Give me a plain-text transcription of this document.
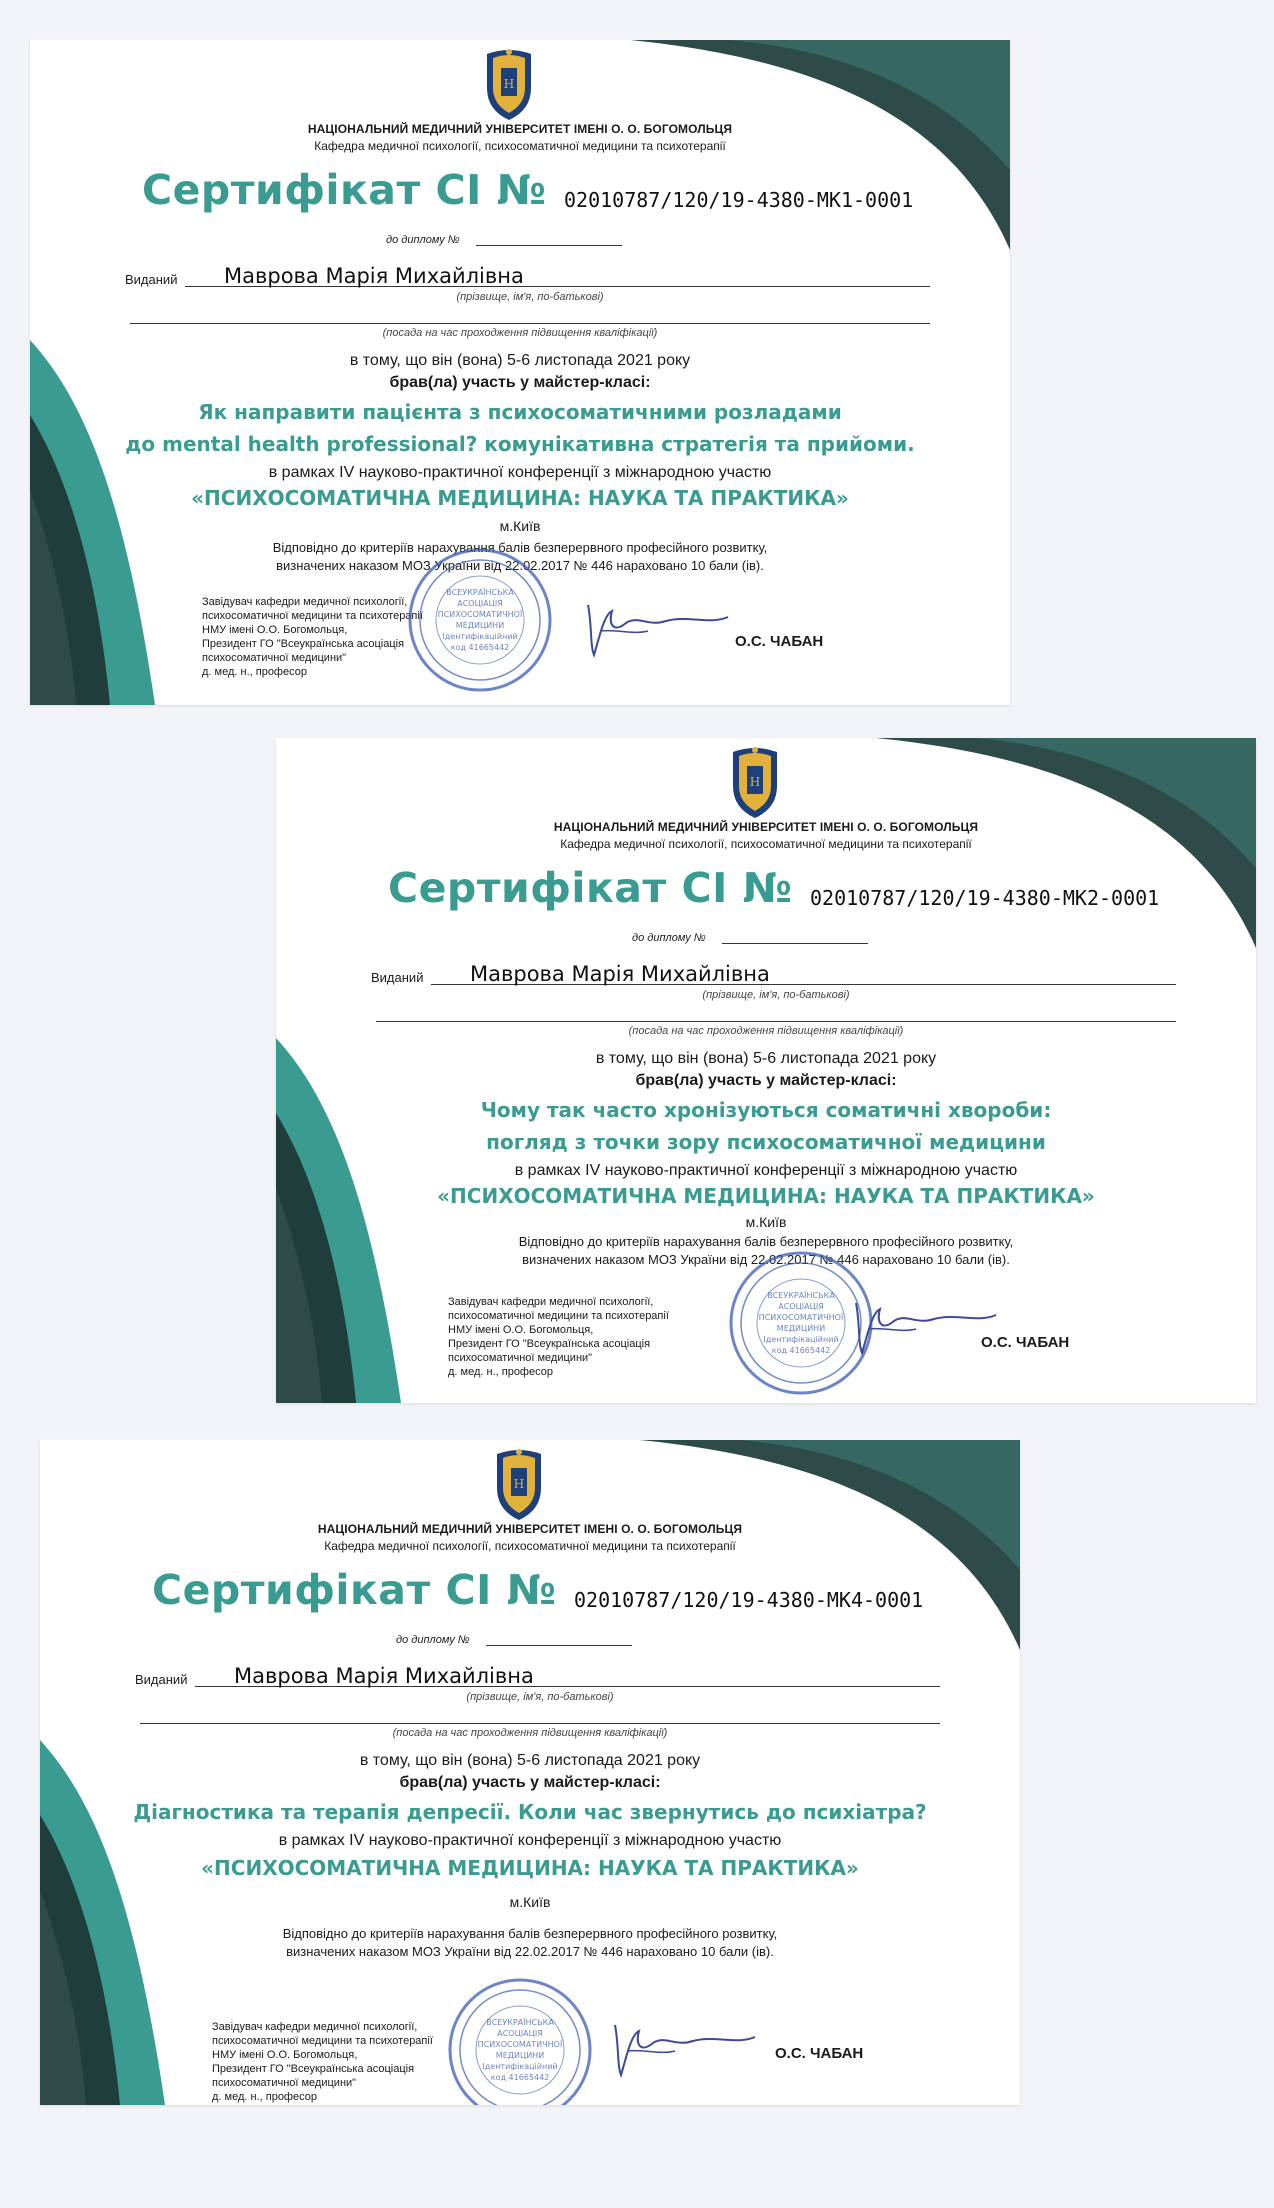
Н
НАЦІОНАЛЬНИЙ МЕДИЧНИЙ УНІВЕРСИТЕТ ІМЕНІ О. О. БОГОМОЛЬЦЯ
Кафедра медичної психології, психосоматичної медицини та психотерапії
Сертифікат СІ № 02010787/120/19-4380-МК1-0001
до диплому №
Виданий Маврова Марія Михайлівна
(прізвище, ім'я, по-батькові)
(посада на час проходження підвищення кваліфікації)
в тому, що він (вона) 5-6 листопада 2021 року
брав(ла) участь у майстер-класі:
Як направити пацієнта з психосоматичними розладами
до mental health professional? комунікативна стратегія та прийоми.
в рамках IV науково-практичної конференції з міжнародною участю
«ПСИХОСОМАТИЧНА МЕДИЦИНА: НАУКА ТА ПРАКТИКА»
м.Київ
Відповідно до критеріїв нарахування балів безперервного професійного розвитку,
визначених наказом МОЗ України від 22.02.2017 № 446 нараховано 10 бали (ів).
Завідувач кафедри медичної психології,
психосоматичної медицини та психотерапії
НМУ імені О.О. Богомольця,
Президент ГО "Всеукраїнська асоціація
психосоматичної медицини"
д. мед. н., професор
ВСЕУКРАЇНСЬКА
АСОЦІАЦІЯ
ПСИХОСОМАТИЧНОЇ
МЕДИЦИНИ
Ідентифікаційний
код 41665442	О.С. ЧАБАН
Н
НАЦІОНАЛЬНИЙ МЕДИЧНИЙ УНІВЕРСИТЕТ ІМЕНІ О. О. БОГОМОЛЬЦЯ
Кафедра медичної психології, психосоматичної медицини та психотерапії
Сертифікат СІ № 02010787/120/19-4380-МК2-0001
до диплому №
Виданий Маврова Марія Михайлівна
(прізвище, ім'я, по-батькові)
(посада на час проходження підвищення кваліфікації)
в тому, що він (вона) 5-6 листопада 2021 року
брав(ла) участь у майстер-класі:
Чому так часто хронізуються соматичні хвороби:
погляд з точки зору психосоматичної медицини
в рамках IV науково-практичної конференції з міжнародною участю
«ПСИХОСОМАТИЧНА МЕДИЦИНА: НАУКА ТА ПРАКТИКА»
м.Київ
Відповідно до критеріїв нарахування балів безперервного професійного розвитку,
визначених наказом МОЗ України від 22.02.2017 № 446 нараховано 10 бали (ів).
Завідувач кафедри медичної психології,
психосоматичної медицини та психотерапії
НМУ імені О.О. Богомольця,
Президент ГО "Всеукраїнська асоціація
психосоматичної медицини"
д. мед. н., професор
ВСЕУКРАЇНСЬКА
АСОЦІАЦІЯ
ПСИХОСОМАТИЧНОЇ
МЕДИЦИНИ
Ідентифікаційний
код 41665442	О.С. ЧАБАН
Н
НАЦІОНАЛЬНИЙ МЕДИЧНИЙ УНІВЕРСИТЕТ ІМЕНІ О. О. БОГОМОЛЬЦЯ
Кафедра медичної психології, психосоматичної медицини та психотерапії
Сертифікат СІ № 02010787/120/19-4380-МК4-0001
до диплому №
Виданий Маврова Марія Михайлівна
(прізвище, ім'я, по-батькові)
(посада на час проходження підвищення кваліфікації)
в тому, що він (вона) 5-6 листопада 2021 року
брав(ла) участь у майстер-класі:
Діагностика та терапія депресії. Коли час звернутись до психіатра?
в рамках IV науково-практичної конференції з міжнародною участю
«ПСИХОСОМАТИЧНА МЕДИЦИНА: НАУКА ТА ПРАКТИКА»
м.Київ
Відповідно до критеріїв нарахування балів безперервного професійного розвитку,
визначених наказом МОЗ України від 22.02.2017 № 446 нараховано 10 бали (ів).
Завідувач кафедри медичної психології,
психосоматичної медицини та психотерапії
НМУ імені О.О. Богомольця,
Президент ГО "Всеукраїнська асоціація
психосоматичної медицини"
д. мед. н., професор
ВСЕУКРАЇНСЬКА
АСОЦІАЦІЯ
ПСИХОСОМАТИЧНОЇ
МЕДИЦИНИ
Ідентифікаційний
код 41665442
О.С. ЧАБАН
